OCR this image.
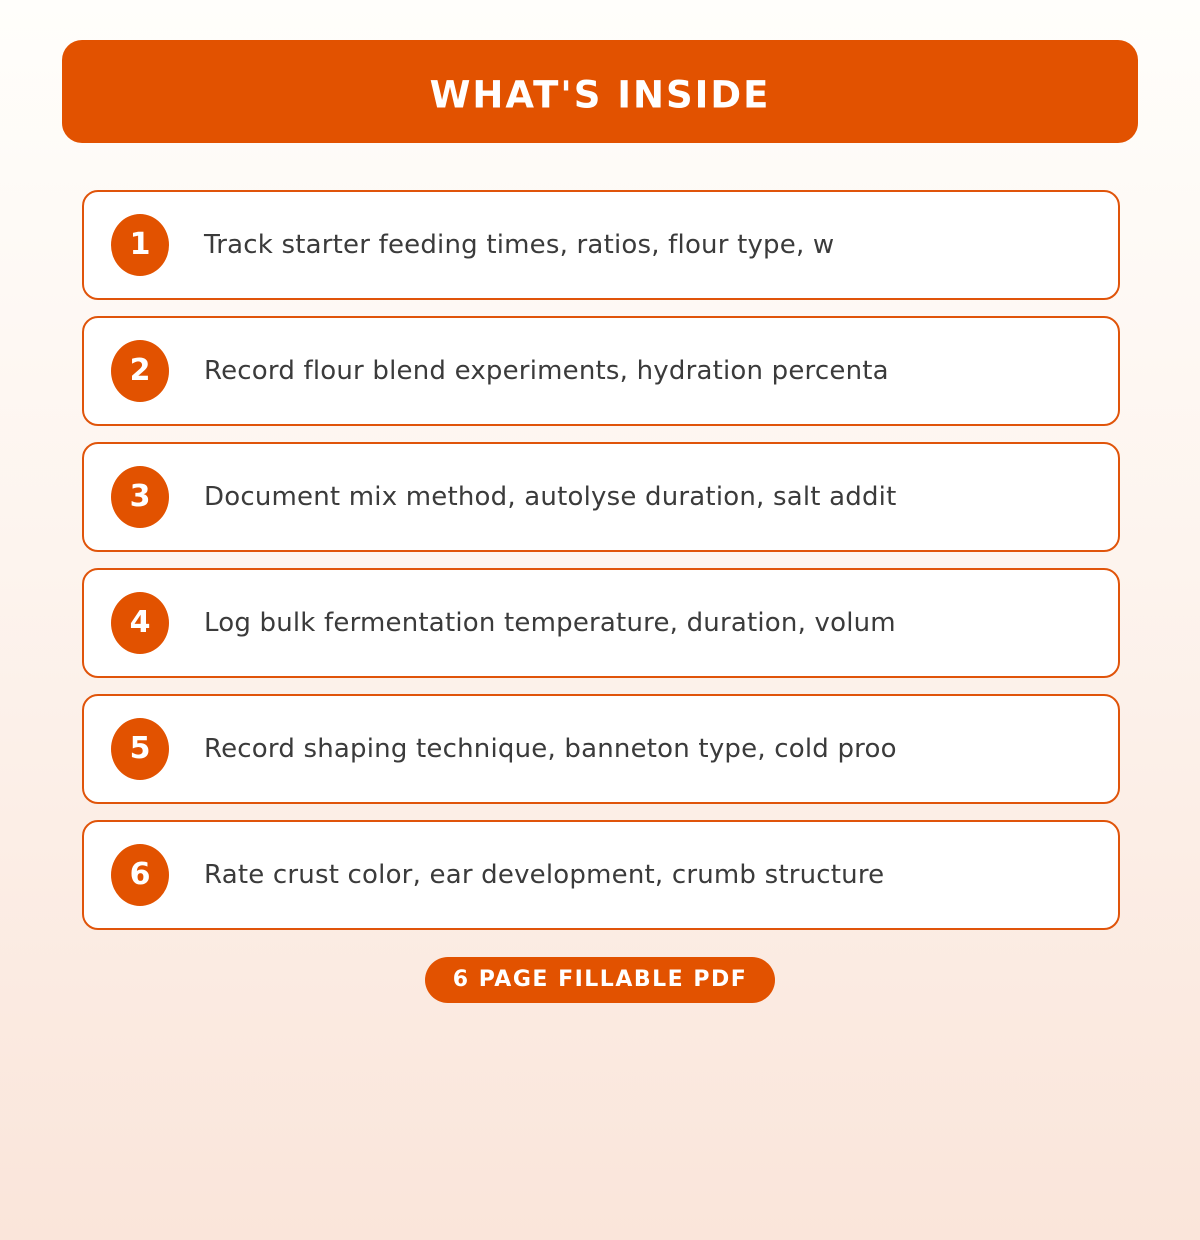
WHAT'S INSIDE
1	Track starter feeding times, ratios, flour type, w
2	Record flour blend experiments, hydration percenta
3	Document mix method, autolyse duration, salt addit
4	Log bulk fermentation temperature, duration, volum
5	Record shaping technique, banneton type, cold proo
6	Rate crust color, ear development, crumb structure
6 PAGE FILLABLE PDF
